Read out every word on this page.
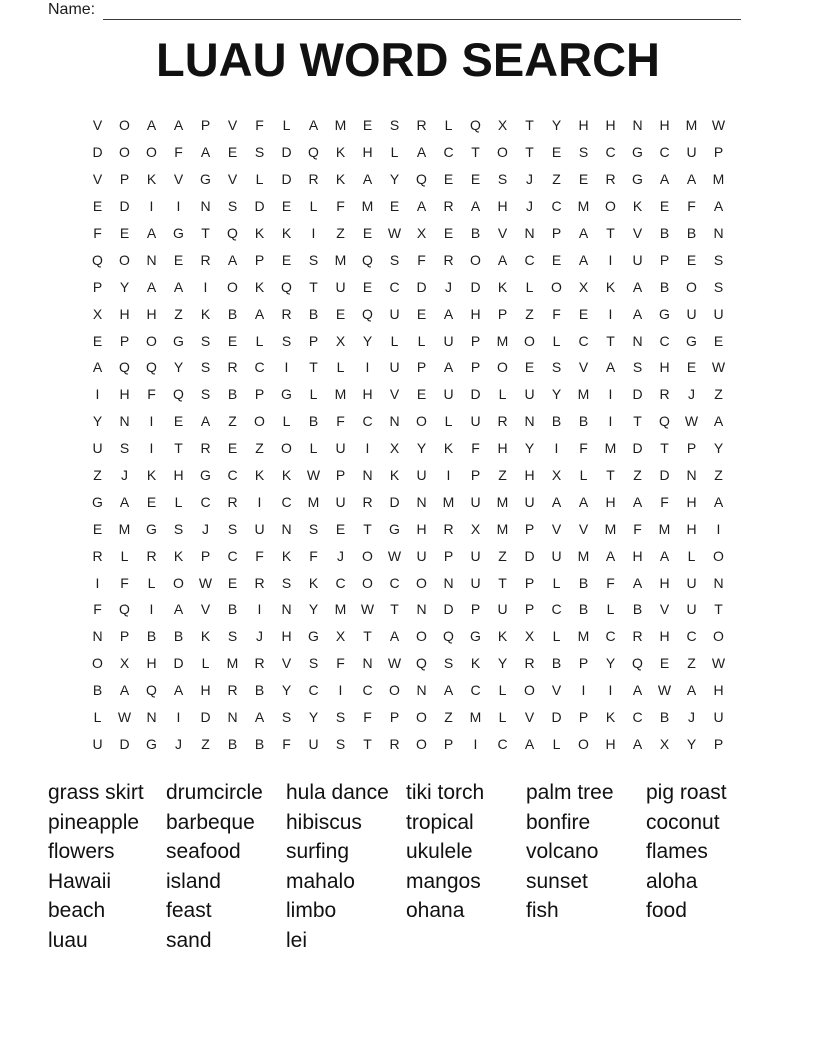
Name:
LUAU WORD SEARCH
V	O	A	A	P	V	F	L	A	M	E	S	R	L	Q	X	T	Y	H	H	N	H	M	W
D	O	O	F	A	E	S	D	Q	K	H	L	A	C	T	O	T	E	S	C	G	C	U	P
V	P	K	V	G	V	L	D	R	K	A	Y	Q	E	E	S	J	Z	E	R	G	A	A	M
E	D	I	I	N	S	D	E	L	F	M	E	A	R	A	H	J	C	M	O	K	E	F	A
F	E	A	G	T	Q	K	K	I	Z	E	W	X	E	B	V	N	P	A	T	V	B	B	N
Q	O	N	E	R	A	P	E	S	M	Q	S	F	R	O	A	C	E	A	I	U	P	E	S
P	Y	A	A	I	O	K	Q	T	U	E	C	D	J	D	K	L	O	X	K	A	B	O	S
X	H	H	Z	K	B	A	R	B	E	Q	U	E	A	H	P	Z	F	E	I	A	G	U	U
E	P	O	G	S	E	L	S	P	X	Y	L	L	U	P	M	O	L	C	T	N	C	G	E
A	Q	Q	Y	S	R	C	I	T	L	I	U	P	A	P	O	E	S	V	A	S	H	E	W
I	H	F	Q	S	B	P	G	L	M	H	V	E	U	D	L	U	Y	M	I	D	R	J	Z
Y	N	I	E	A	Z	O	L	B	F	C	N	O	L	U	R	N	B	B	I	T	Q	W	A
U	S	I	T	R	E	Z	O	L	U	I	X	Y	K	F	H	Y	I	F	M	D	T	P	Y
Z	J	K	H	G	C	K	K	W	P	N	K	U	I	P	Z	H	X	L	T	Z	D	N	Z
G	A	E	L	C	R	I	C	M	U	R	D	N	M	U	M	U	A	A	H	A	F	H	A
E	M	G	S	J	S	U	N	S	E	T	G	H	R	X	M	P	V	V	M	F	M	H	I
R	L	R	K	P	C	F	K	F	J	O	W	U	P	U	Z	D	U	M	A	H	A	L	O
I	F	L	O	W	E	R	S	K	C	O	C	O	N	U	T	P	L	B	F	A	H	U	N
F	Q	I	A	V	B	I	N	Y	M	W	T	N	D	P	U	P	C	B	L	B	V	U	T
N	P	B	B	K	S	J	H	G	X	T	A	O	Q	G	K	X	L	M	C	R	H	C	O
O	X	H	D	L	M	R	V	S	F	N	W	Q	S	K	Y	R	B	P	Y	Q	E	Z	W
B	A	Q	A	H	R	B	Y	C	I	C	O	N	A	C	L	O	V	I	I	A	W	A	H
L	W	N	I	D	N	A	S	Y	S	F	P	O	Z	M	L	V	D	P	K	C	B	J	U
U	D	G	J	Z	B	B	F	U	S	T	R	O	P	I	C	A	L	O	H	A	X	Y	P
grass skirt
pineapple
flowers
Hawaii
beach
luau
drumcircle
barbeque
seafood
island
feast
sand
hula dance
hibiscus
surfing
mahalo
limbo
lei
tiki torch
tropical
ukulele
mangos
ohana
palm tree
bonfire
volcano
sunset
fish
pig roast
coconut
flames
aloha
food
